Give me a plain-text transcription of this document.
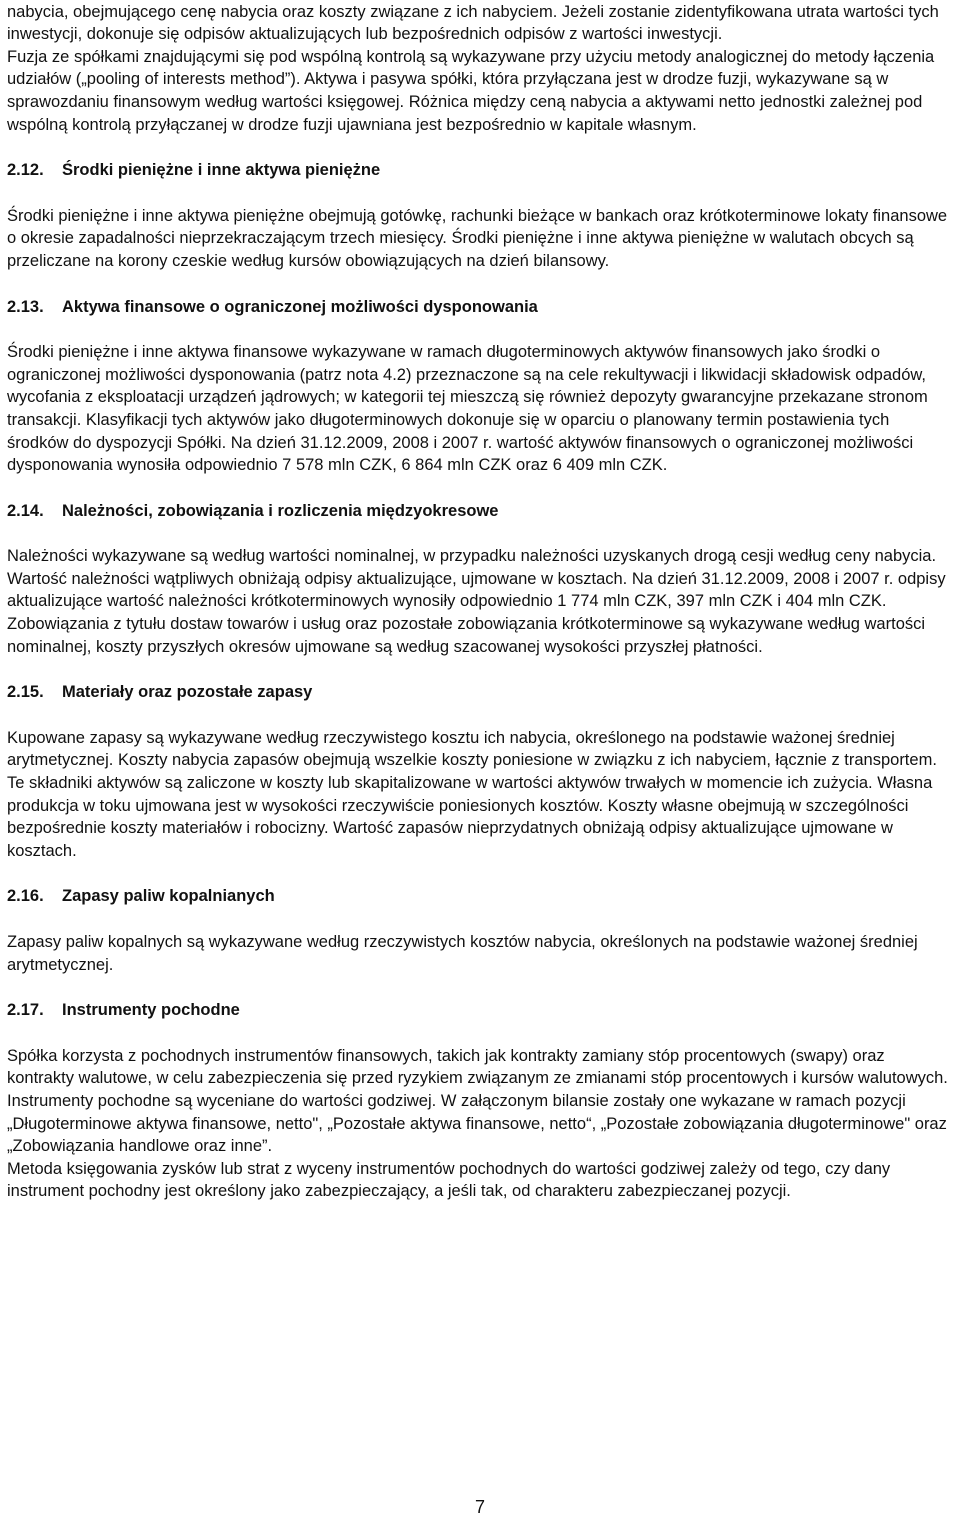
nabycia, obejmującego cenę nabycia oraz koszty związane z ich nabyciem. Jeżeli zostanie zidentyfikowana utrata wartości tych inwestycji, dokonuje się odpisów aktualizujących lub bezpośrednich odpisów z wartości inwestycji.

Fuzja ze spółkami znajdującymi się pod wspólną kontrolą są wykazywane przy użyciu metody analogicznej do metody łączenia udziałów („pooling of interests method”). Aktywa i pasywa spółki, która przyłączana jest w drodze fuzji, wykazywane są w sprawozdaniu finansowym według wartości księgowej. Różnica między ceną nabycia a aktywami netto jednostki zależnej pod wspólną kontrolą przyłączanej w drodze fuzji ujawniana jest bezpośrednio w kapitale własnym.

2.12.	Środki pieniężne i inne aktywa pieniężne

Środki pieniężne i inne aktywa pieniężne obejmują gotówkę, rachunki bieżące w bankach oraz krótkoterminowe lokaty finansowe o okresie zapadalności nieprzekraczającym trzech miesięcy. Środki pieniężne i inne aktywa pieniężne w walutach obcych są przeliczane na korony czeskie według kursów obowiązujących na dzień bilansowy.

2.13.	Aktywa finansowe o ograniczonej możliwości dysponowania

Środki pieniężne i inne aktywa finansowe wykazywane w ramach długoterminowych aktywów finansowych jako środki o ograniczonej możliwości dysponowania (patrz nota 4.2) przeznaczone są na cele rekultywacji i likwidacji składowisk odpadów, wycofania z eksploatacji urządzeń jądrowych; w kategorii tej mieszczą się również depozyty gwarancyjne przekazane stronom transakcji. Klasyfikacji tych aktywów jako długoterminowych dokonuje się w oparciu o planowany termin postawienia tych środków do dyspozycji Spółki. Na dzień 31.12.2009, 2008 i 2007 r. wartość aktywów finansowych o ograniczonej możliwości dysponowania wynosiła odpowiednio 7 578 mln CZK, 6 864 mln CZK oraz 6 409 mln CZK.

2.14.	Należności, zobowiązania i rozliczenia międzyokresowe

Należności wykazywane są według wartości nominalnej, w przypadku należności uzyskanych drogą cesji według ceny nabycia. Wartość należności wątpliwych obniżają odpisy aktualizujące, ujmowane w kosztach. Na dzień 31.12.2009, 2008 i 2007 r. odpisy aktualizujące wartość należności krótkoterminowych wynosiły odpowiednio 1 774 mln CZK, 397 mln CZK i 404 mln CZK.

Zobowiązania z tytułu dostaw towarów i usług oraz pozostałe zobowiązania krótkoterminowe są wykazywane według wartości nominalnej, koszty przyszłych okresów ujmowane są według szacowanej wysokości przyszłej płatności.

2.15.	Materiały oraz pozostałe zapasy

Kupowane zapasy są wykazywane według rzeczywistego kosztu ich nabycia, określonego na podstawie ważonej średniej arytmetycznej. Koszty nabycia zapasów obejmują wszelkie koszty poniesione w związku z ich nabyciem, łącznie z transportem. Te składniki aktywów są zaliczone w koszty lub skapitalizowane w wartości aktywów trwałych w momencie ich zużycia. Własna produkcja w toku ujmowana jest w wysokości rzeczywiście poniesionych kosztów. Koszty własne obejmują w szczególności bezpośrednie koszty materiałów i robocizny. Wartość zapasów nieprzydatnych obniżają odpisy aktualizujące ujmowane w kosztach.

2.16.	Zapasy paliw kopalnianych

Zapasy paliw kopalnych są wykazywane według rzeczywistych kosztów nabycia, określonych na podstawie ważonej średniej arytmetycznej.

2.17.	Instrumenty pochodne

Spółka korzysta z pochodnych instrumentów finansowych, takich jak kontrakty zamiany stóp procentowych (swapy) oraz kontrakty walutowe, w celu zabezpieczenia się przed ryzykiem związanym ze zmianami stóp procentowych i kursów walutowych. Instrumenty pochodne są wyceniane do wartości godziwej. W załączonym bilansie zostały one wykazane w ramach pozycji „Długoterminowe aktywa finansowe, netto", „Pozostałe aktywa finansowe, netto“, „Pozostałe zobowiązania długoterminowe" oraz „Zobowiązania handlowe oraz inne”.

Metoda księgowania zysków lub strat z wyceny instrumentów pochodnych do wartości godziwej zależy od tego, czy dany instrument pochodny jest określony jako zabezpieczający, a jeśli tak, od charakteru zabezpieczanej pozycji.

7
